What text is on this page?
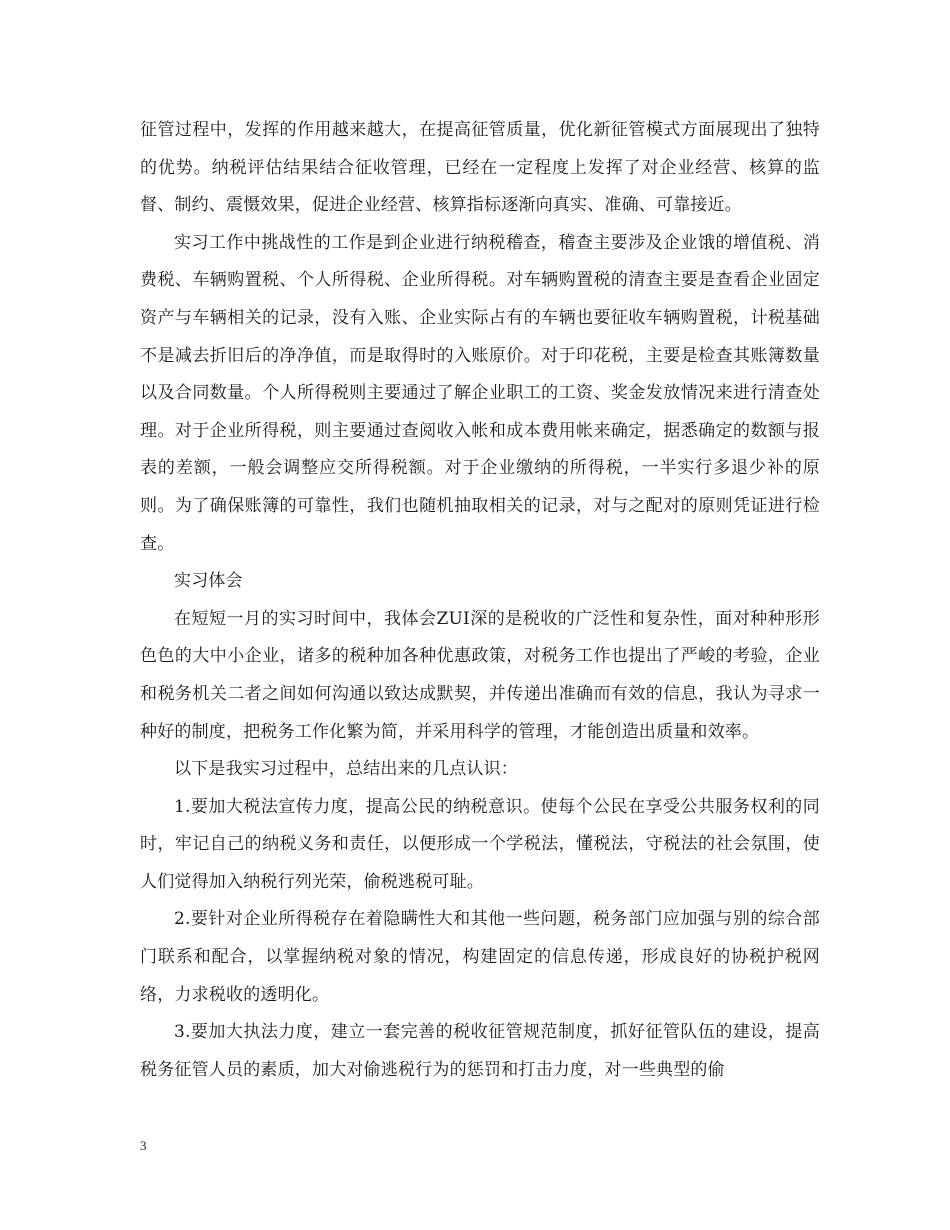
征管过程中，发挥的作用越来越大，在提高征管质量，优化新征管模式方面展现出了独特的优势。纳税评估结果结合征收管理，已经在一定程度上发挥了对企业经营、核算的监督、制约、震慑效果，促进企业经营、核算指标逐渐向真实、准确、可靠接近。

实习工作中挑战性的工作是到企业进行纳税稽查，稽查主要涉及企业饿的增值税、消费税、车辆购置税、个人所得税、企业所得税。对车辆购置税的清查主要是查看企业固定资产与车辆相关的记录，没有入账、企业实际占有的车辆也要征收车辆购置税，计税基础不是减去折旧后的净净值，而是取得时的入账原价。对于印花税，主要是检查其账簿数量以及合同数量。个人所得税则主要通过了解企业职工的工资、奖金发放情况来进行清查处理。对于企业所得税，则主要通过查阅收入帐和成本费用帐来确定，据悉确定的数额与报表的差额，一般会调整应交所得税额。对于企业缴纳的所得税，一半实行多退少补的原则。为了确保账簿的可靠性，我们也随机抽取相关的记录，对与之配对的原则凭证进行检查。

实习体会

在短短一月的实习时间中，我体会ZUI深的是税收的广泛性和复杂性，面对种种形形色色的大中小企业，诸多的税种加各种优惠政策，对税务工作也提出了严峻的考验，企业和税务机关二者之间如何沟通以致达成默契，并传递出准确而有效的信息，我认为寻求一种好的制度，把税务工作化繁为简，并采用科学的管理，才能创造出质量和效率。

以下是我实习过程中，总结出来的几点认识：

1.要加大税法宣传力度，提高公民的纳税意识。使每个公民在享受公共服务权利的同时，牢记自己的纳税义务和责任，以便形成一个学税法，懂税法，守税法的社会氛围，使人们觉得加入纳税行列光荣，偷税逃税可耻。

2.要针对企业所得税存在着隐瞒性大和其他一些问题，税务部门应加强与别的综合部门联系和配合，以掌握纳税对象的情况，构建固定的信息传递，形成良好的协税护税网络，力求税收的透明化。

3.要加大执法力度，建立一套完善的税收征管规范制度，抓好征管队伍的建设，提高税务征管人员的素质，加大对偷逃税行为的惩罚和打击力度，对一些典型的偷

3
